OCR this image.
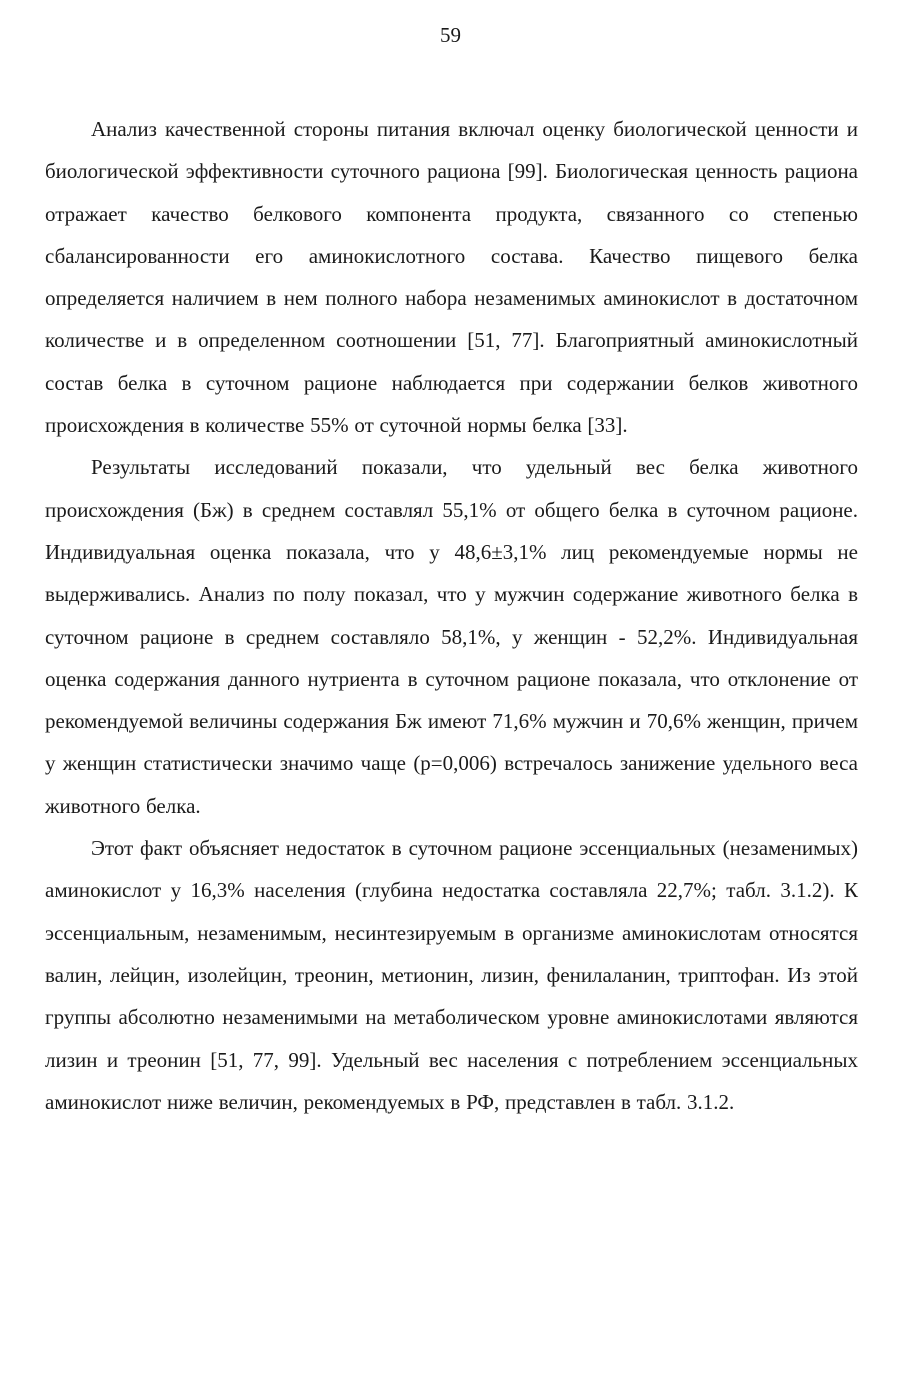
59

Анализ качественной стороны питания включал оценку биологической ценности и биологической эффективности суточного рациона [99]. Биологическая ценность рациона отражает качество белкового компонента продукта, связанного со степенью сбалансированности его аминокислотного состава. Качество пищевого белка определяется наличием в нем полного набора незаменимых аминокислот в достаточном количестве и в определенном соотношении [51, 77]. Благоприятный аминокислотный состав белка в суточном рационе наблюдается при содержании белков животного происхождения в количестве 55% от суточной нормы белка [33].

Результаты исследований показали, что удельный вес белка животного происхождения (Бж) в среднем составлял 55,1% от общего белка в суточном рационе. Индивидуальная оценка показала, что у 48,6±3,1% лиц рекомендуемые нормы не выдерживались. Анализ по полу показал, что у мужчин содержание животного белка в суточном рационе в среднем составляло 58,1%, у женщин - 52,2%. Индивидуальная оценка содержания данного нутриента в суточном рационе показала, что отклонение от рекомендуемой величины содержания Бж имеют 71,6% мужчин и 70,6% женщин, причем у женщин статистически значимо чаще (p=0,006) встречалось занижение удельного веса животного белка.

Этот факт объясняет недостаток в суточном рационе эссенциальных (незаменимых) аминокислот у 16,3% населения (глубина недостатка составляла 22,7%; табл. 3.1.2). К эссенциальным, незаменимым, несинтезируемым в организме аминокислотам относятся валин, лейцин, изолейцин, треонин, метионин, лизин, фенилаланин, триптофан. Из этой группы абсолютно незаменимыми на метаболическом уровне аминокислотами являются лизин и треонин [51, 77, 99]. Удельный вес населения с потреблением эссенциальных аминокислот ниже величин, рекомендуемых в РФ, представлен в табл. 3.1.2.
